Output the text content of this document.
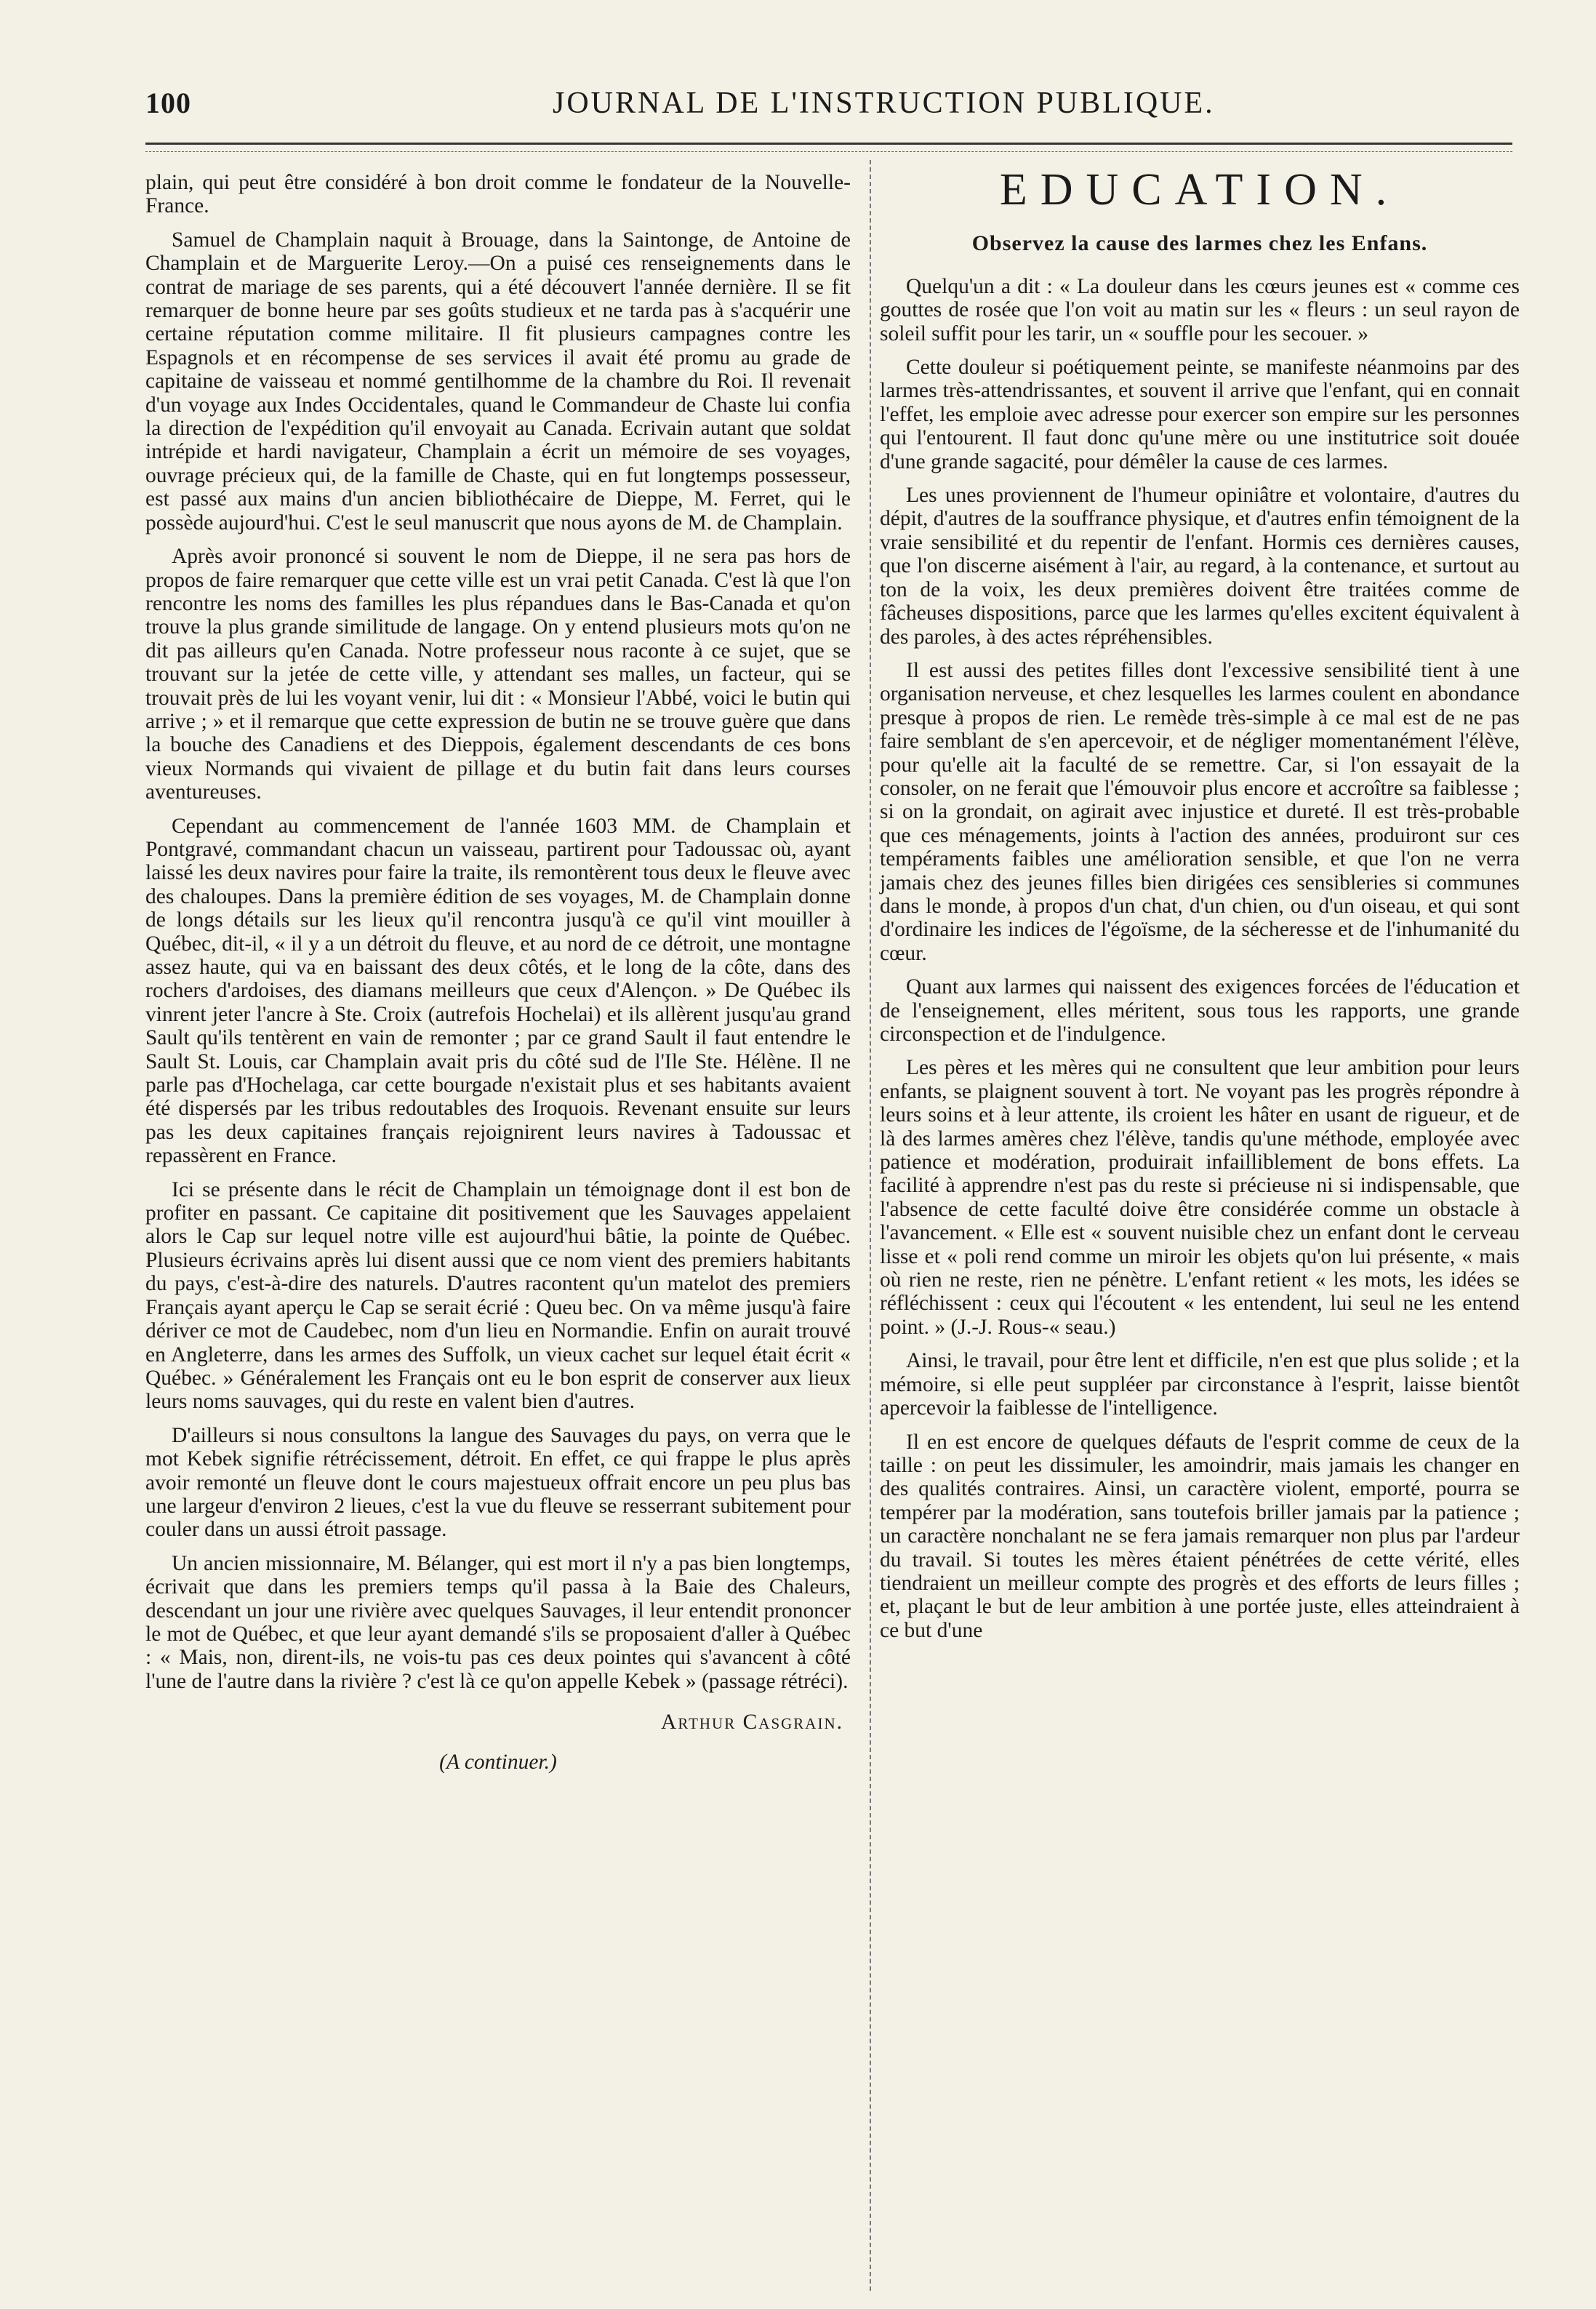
100	JOURNAL DE L'INSTRUCTION PUBLIQUE.

plain, qui peut être considéré à bon droit comme le fondateur de la Nouvelle-France.

Samuel de Champlain naquit à Brouage, dans la Saintonge, de Antoine de Champlain et de Marguerite Leroy.—On a puisé ces renseignements dans le contrat de mariage de ses parents, qui a été découvert l'année dernière. Il se fit remarquer de bonne heure par ses goûts studieux et ne tarda pas à s'acquérir une certaine réputation comme militaire. Il fit plusieurs campagnes contre les Espagnols et en récompense de ses services il avait été promu au grade de capitaine de vaisseau et nommé gentilhomme de la chambre du Roi. Il revenait d'un voyage aux Indes Occidentales, quand le Commandeur de Chaste lui confia la direction de l'expédition qu'il envoyait au Canada. Ecrivain autant que soldat intrépide et hardi navigateur, Champlain a écrit un mémoire de ses voyages, ouvrage précieux qui, de la famille de Chaste, qui en fut longtemps possesseur, est passé aux mains d'un ancien bibliothécaire de Dieppe, M. Ferret, qui le possède aujourd'hui. C'est le seul manuscrit que nous ayons de M. de Champlain.

Après avoir prononcé si souvent le nom de Dieppe, il ne sera pas hors de propos de faire remarquer que cette ville est un vrai petit Canada. C'est là que l'on rencontre les noms des familles les plus répandues dans le Bas-Canada et qu'on trouve la plus grande similitude de langage. On y entend plusieurs mots qu'on ne dit pas ailleurs qu'en Canada. Notre professeur nous raconte à ce sujet, que se trouvant sur la jetée de cette ville, y attendant ses malles, un facteur, qui se trouvait près de lui les voyant venir, lui dit : « Monsieur l'Abbé, voici le butin qui arrive ; » et il remarque que cette expression de butin ne se trouve guère que dans la bouche des Canadiens et des Dieppois, également descendants de ces bons vieux Normands qui vivaient de pillage et du butin fait dans leurs courses aventureuses.

Cependant au commencement de l'année 1603 MM. de Champlain et Pontgravé, commandant chacun un vaisseau, partirent pour Tadoussac où, ayant laissé les deux navires pour faire la traite, ils remontèrent tous deux le fleuve avec des chaloupes. Dans la première édition de ses voyages, M. de Champlain donne de longs détails sur les lieux qu'il rencontra jusqu'à ce qu'il vint mouiller à Québec, dit-il, « il y a un détroit du fleuve, et au nord de ce détroit, une montagne assez haute, qui va en baissant des deux côtés, et le long de la côte, dans des rochers d'ardoises, des diamans meilleurs que ceux d'Alençon. » De Québec ils vinrent jeter l'ancre à Ste. Croix (autrefois Hochelai) et ils allèrent jusqu'au grand Sault qu'ils tentèrent en vain de remonter ; par ce grand Sault il faut entendre le Sault St. Louis, car Champlain avait pris du côté sud de l'Ile Ste. Hélène. Il ne parle pas d'Hochelaga, car cette bourgade n'existait plus et ses habitants avaient été dispersés par les tribus redoutables des Iroquois. Revenant ensuite sur leurs pas les deux capitaines français rejoignirent leurs navires à Tadoussac et repassèrent en France.

Ici se présente dans le récit de Champlain un témoignage dont il est bon de profiter en passant. Ce capitaine dit positivement que les Sauvages appelaient alors le Cap sur lequel notre ville est aujourd'hui bâtie, la pointe de Québec. Plusieurs écrivains après lui disent aussi que ce nom vient des premiers habitants du pays, c'est-à-dire des naturels. D'autres racontent qu'un matelot des premiers Français ayant aperçu le Cap se serait écrié : Queu bec. On va même jusqu'à faire dériver ce mot de Caudebec, nom d'un lieu en Normandie. Enfin on aurait trouvé en Angleterre, dans les armes des Suffolk, un vieux cachet sur lequel était écrit « Québec. » Généralement les Français ont eu le bon esprit de conserver aux lieux leurs noms sauvages, qui du reste en valent bien d'autres.

D'ailleurs si nous consultons la langue des Sauvages du pays, on verra que le mot Kebek signifie rétrécissement, détroit. En effet, ce qui frappe le plus après avoir remonté un fleuve dont le cours majestueux offrait encore un peu plus bas une largeur d'environ 2 lieues, c'est la vue du fleuve se resserrant subitement pour couler dans un aussi étroit passage.

Un ancien missionnaire, M. Bélanger, qui est mort il n'y a pas bien longtemps, écrivait que dans les premiers temps qu'il passa à la Baie des Chaleurs, descendant un jour une rivière avec quelques Sauvages, il leur entendit prononcer le mot de Québec, et que leur ayant demandé s'ils se proposaient d'aller à Québec : « Mais, non, dirent-ils, ne vois-tu pas ces deux pointes qui s'avancent à côté l'une de l'autre dans la rivière ? c'est là ce qu'on appelle Kebek » (passage rétréci).

Arthur Casgrain.
(A continuer.)
EDUCATION.
Observez la cause des larmes chez les Enfans.

Quelqu'un a dit : « La douleur dans les cœurs jeunes est « comme ces gouttes de rosée que l'on voit au matin sur les « fleurs : un seul rayon de soleil suffit pour les tarir, un « souffle pour les secouer. »

Cette douleur si poétiquement peinte, se manifeste néanmoins par des larmes très-attendrissantes, et souvent il arrive que l'enfant, qui en connait l'effet, les emploie avec adresse pour exercer son empire sur les personnes qui l'entourent. Il faut donc qu'une mère ou une institutrice soit douée d'une grande sagacité, pour démêler la cause de ces larmes.

Les unes proviennent de l'humeur opiniâtre et volontaire, d'autres du dépit, d'autres de la souffrance physique, et d'autres enfin témoignent de la vraie sensibilité et du repentir de l'enfant. Hormis ces dernières causes, que l'on discerne aisément à l'air, au regard, à la contenance, et surtout au ton de la voix, les deux premières doivent être traitées comme de fâcheuses dispositions, parce que les larmes qu'elles excitent équivalent à des paroles, à des actes répréhensibles.

Il est aussi des petites filles dont l'excessive sensibilité tient à une organisation nerveuse, et chez lesquelles les larmes coulent en abondance presque à propos de rien. Le remède très-simple à ce mal est de ne pas faire semblant de s'en apercevoir, et de négliger momentanément l'élève, pour qu'elle ait la faculté de se remettre. Car, si l'on essayait de la consoler, on ne ferait que l'émouvoir plus encore et accroître sa faiblesse ; si on la grondait, on agirait avec injustice et dureté. Il est très-probable que ces ménagements, joints à l'action des années, produiront sur ces tempéraments faibles une amélioration sensible, et que l'on ne verra jamais chez des jeunes filles bien dirigées ces sensibleries si communes dans le monde, à propos d'un chat, d'un chien, ou d'un oiseau, et qui sont d'ordinaire les indices de l'égoïsme, de la sécheresse et de l'inhumanité du cœur.

Quant aux larmes qui naissent des exigences forcées de l'éducation et de l'enseignement, elles méritent, sous tous les rapports, une grande circonspection et de l'indulgence.

Les pères et les mères qui ne consultent que leur ambition pour leurs enfants, se plaignent souvent à tort. Ne voyant pas les progrès répondre à leurs soins et à leur attente, ils croient les hâter en usant de rigueur, et de là des larmes amères chez l'élève, tandis qu'une méthode, employée avec patience et modération, produirait infailliblement de bons effets. La facilité à apprendre n'est pas du reste si précieuse ni si indispensable, que l'absence de cette faculté doive être considérée comme un obstacle à l'avancement. « Elle est « souvent nuisible chez un enfant dont le cerveau lisse et « poli rend comme un miroir les objets qu'on lui présente, « mais où rien ne reste, rien ne pénètre. L'enfant retient « les mots, les idées se réfléchissent : ceux qui l'écoutent « les entendent, lui seul ne les entend point. » (J.-J. Rous-« seau.)

Ainsi, le travail, pour être lent et difficile, n'en est que plus solide ; et la mémoire, si elle peut suppléer par circonstance à l'esprit, laisse bientôt apercevoir la faiblesse de l'intelligence.

Il en est encore de quelques défauts de l'esprit comme de ceux de la taille : on peut les dissimuler, les amoindrir, mais jamais les changer en des qualités contraires. Ainsi, un caractère violent, emporté, pourra se tempérer par la modération, sans toutefois briller jamais par la patience ; un caractère nonchalant ne se fera jamais remarquer non plus par l'ardeur du travail. Si toutes les mères étaient pénétrées de cette vérité, elles tiendraient un meilleur compte des progrès et des efforts de leurs filles ; et, plaçant le but de leur ambition à une portée juste, elles atteindraient à ce but d'une
